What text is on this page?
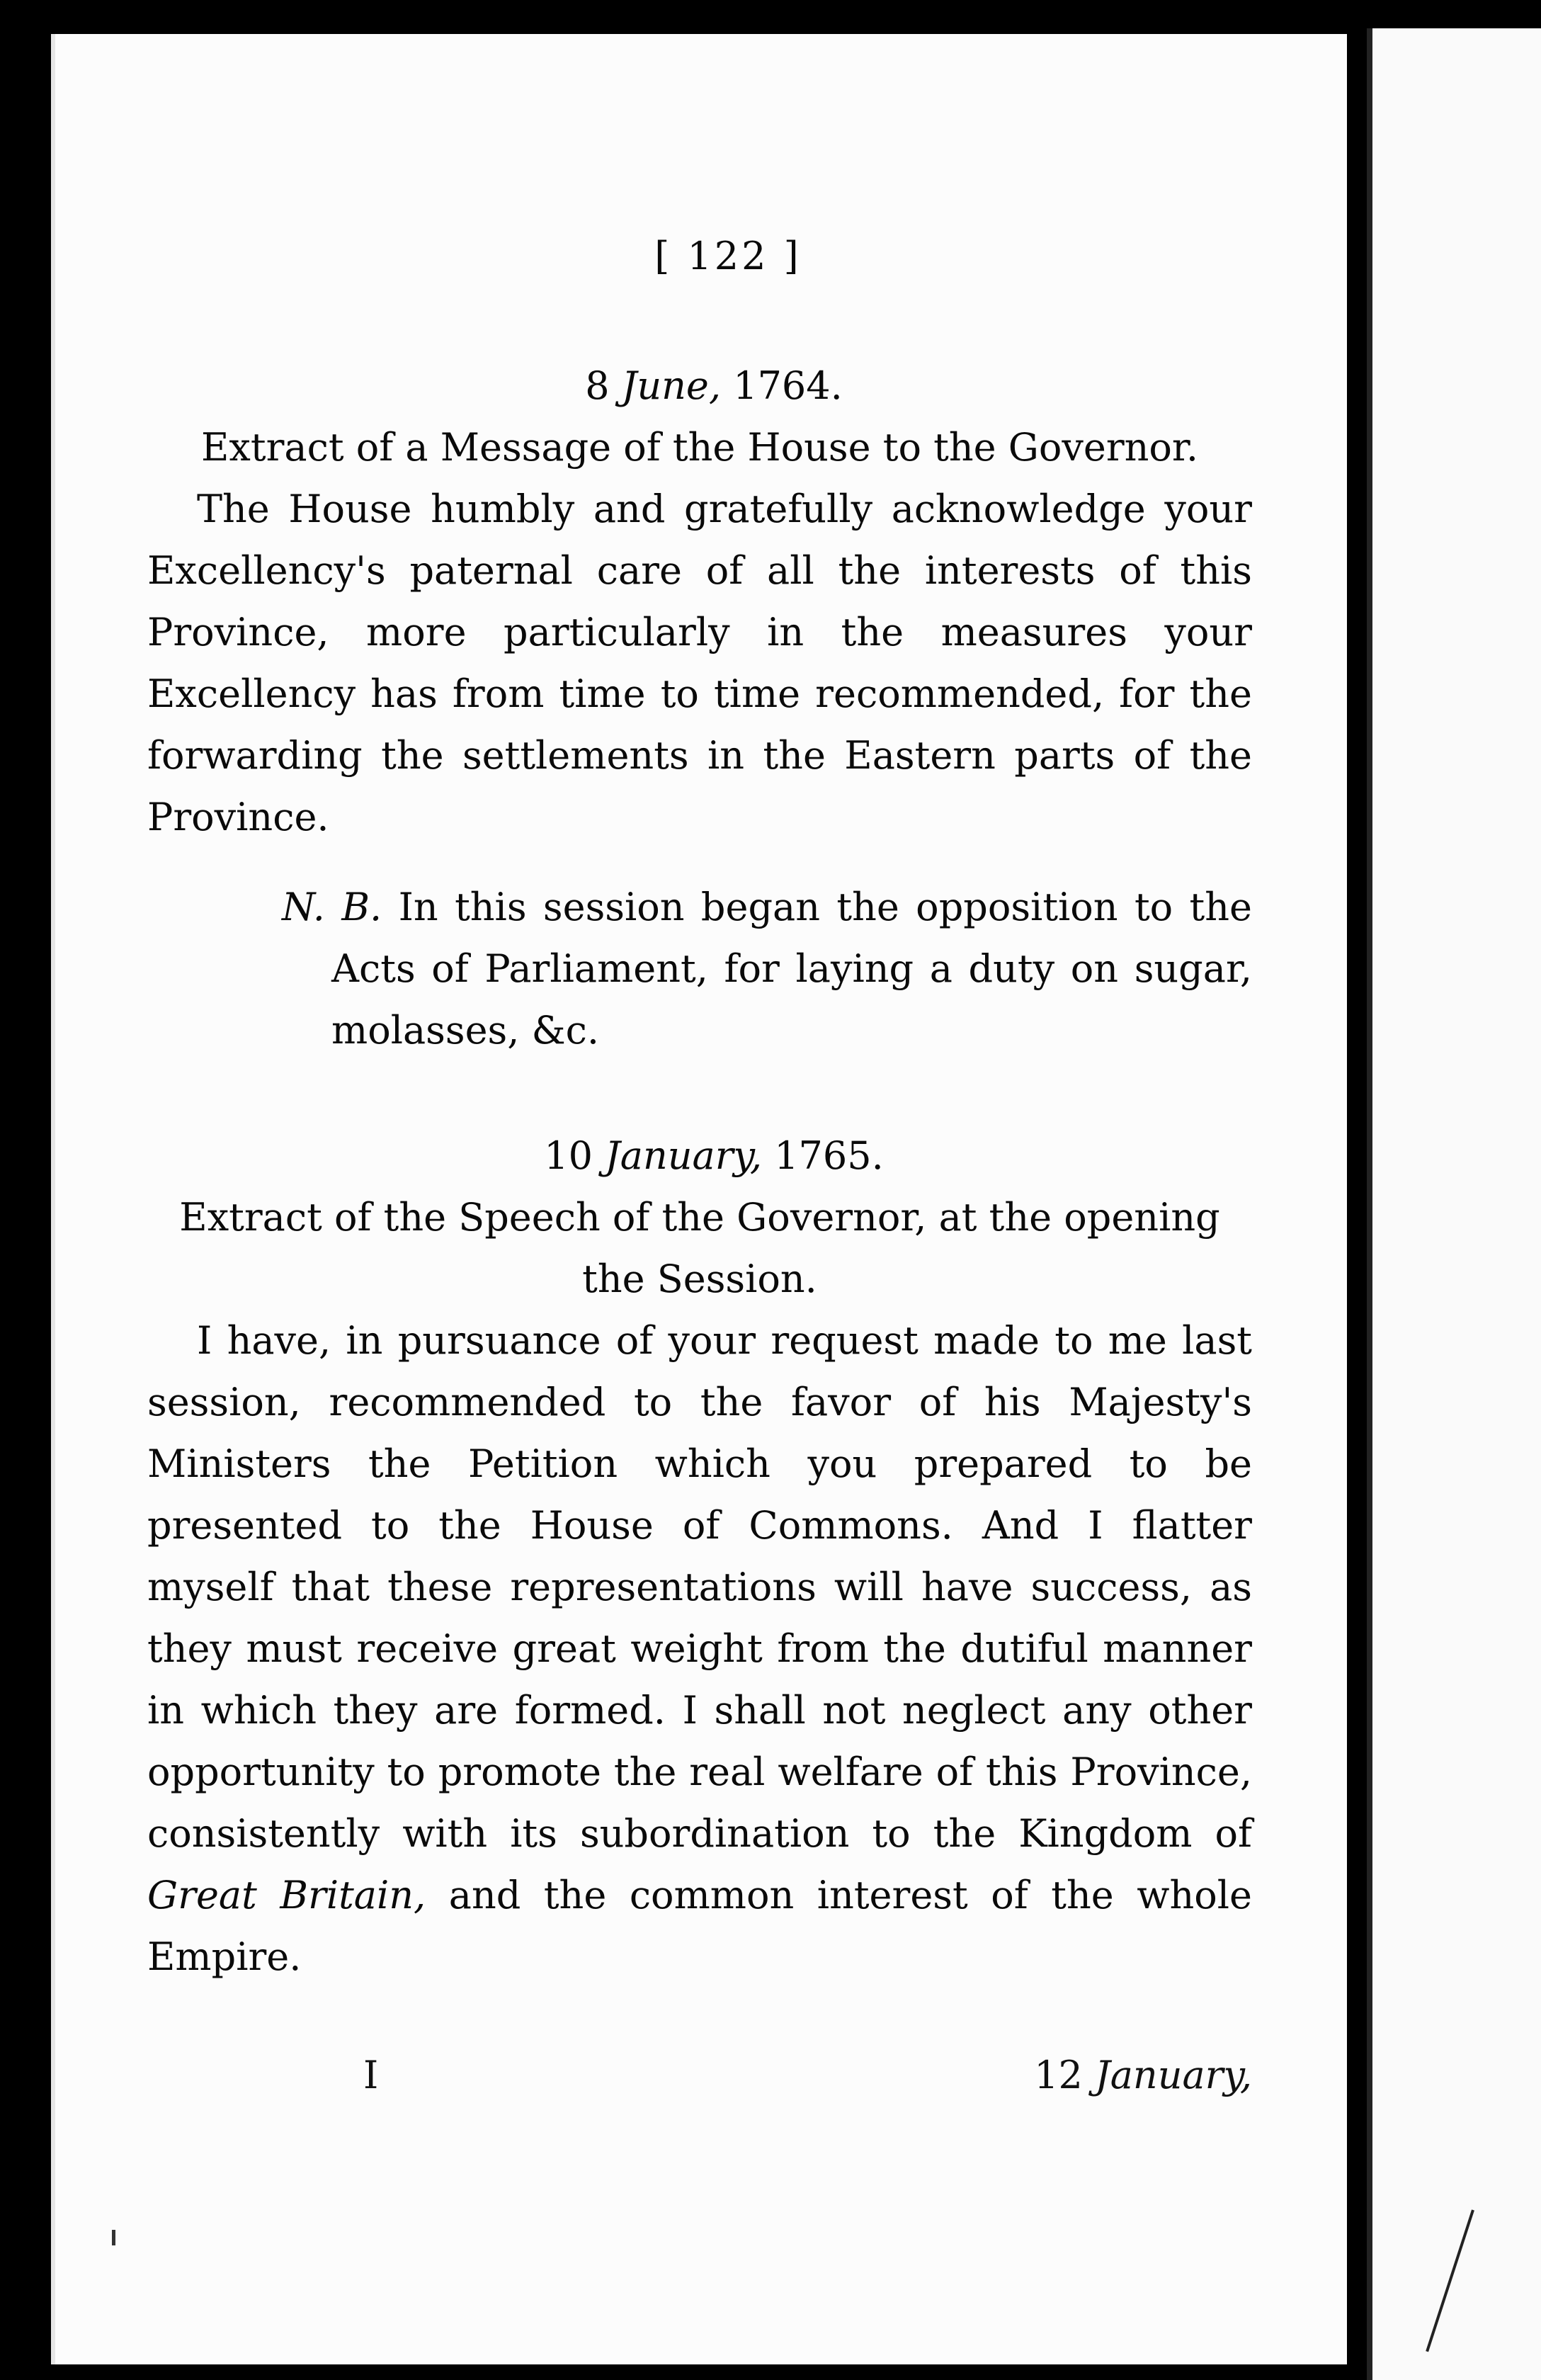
[ 122 ]
8 June, 1764.

Extract of a Message of the House to the Governor.

The House humbly and gratefully acknowledge your Excellency's paternal care of all the interests of this Province, more particularly in the measures your Excellency has from time to time recommended, for the forwarding the settlements in the Eastern parts of the Province.

N. B. In this session began the opposition to the Acts of Parliament, for laying a duty on sugar, molasses, &c.

10 January, 1765.

Extract of the Speech of the Governor, at the opening the Session.

I have, in pursuance of your request made to me last session, recommended to the favor of his Majesty's Ministers the Petition which you prepared to be presented to the House of Commons. And I flatter myself that these representations will have success, as they must receive great weight from the dutiful manner in which they are formed. I shall not neglect any other opportunity to promote the real welfare of this Province, consistently with its subordination to the Kingdom of Great Britain, and the common interest of the whole Empire.

I	12 January,
